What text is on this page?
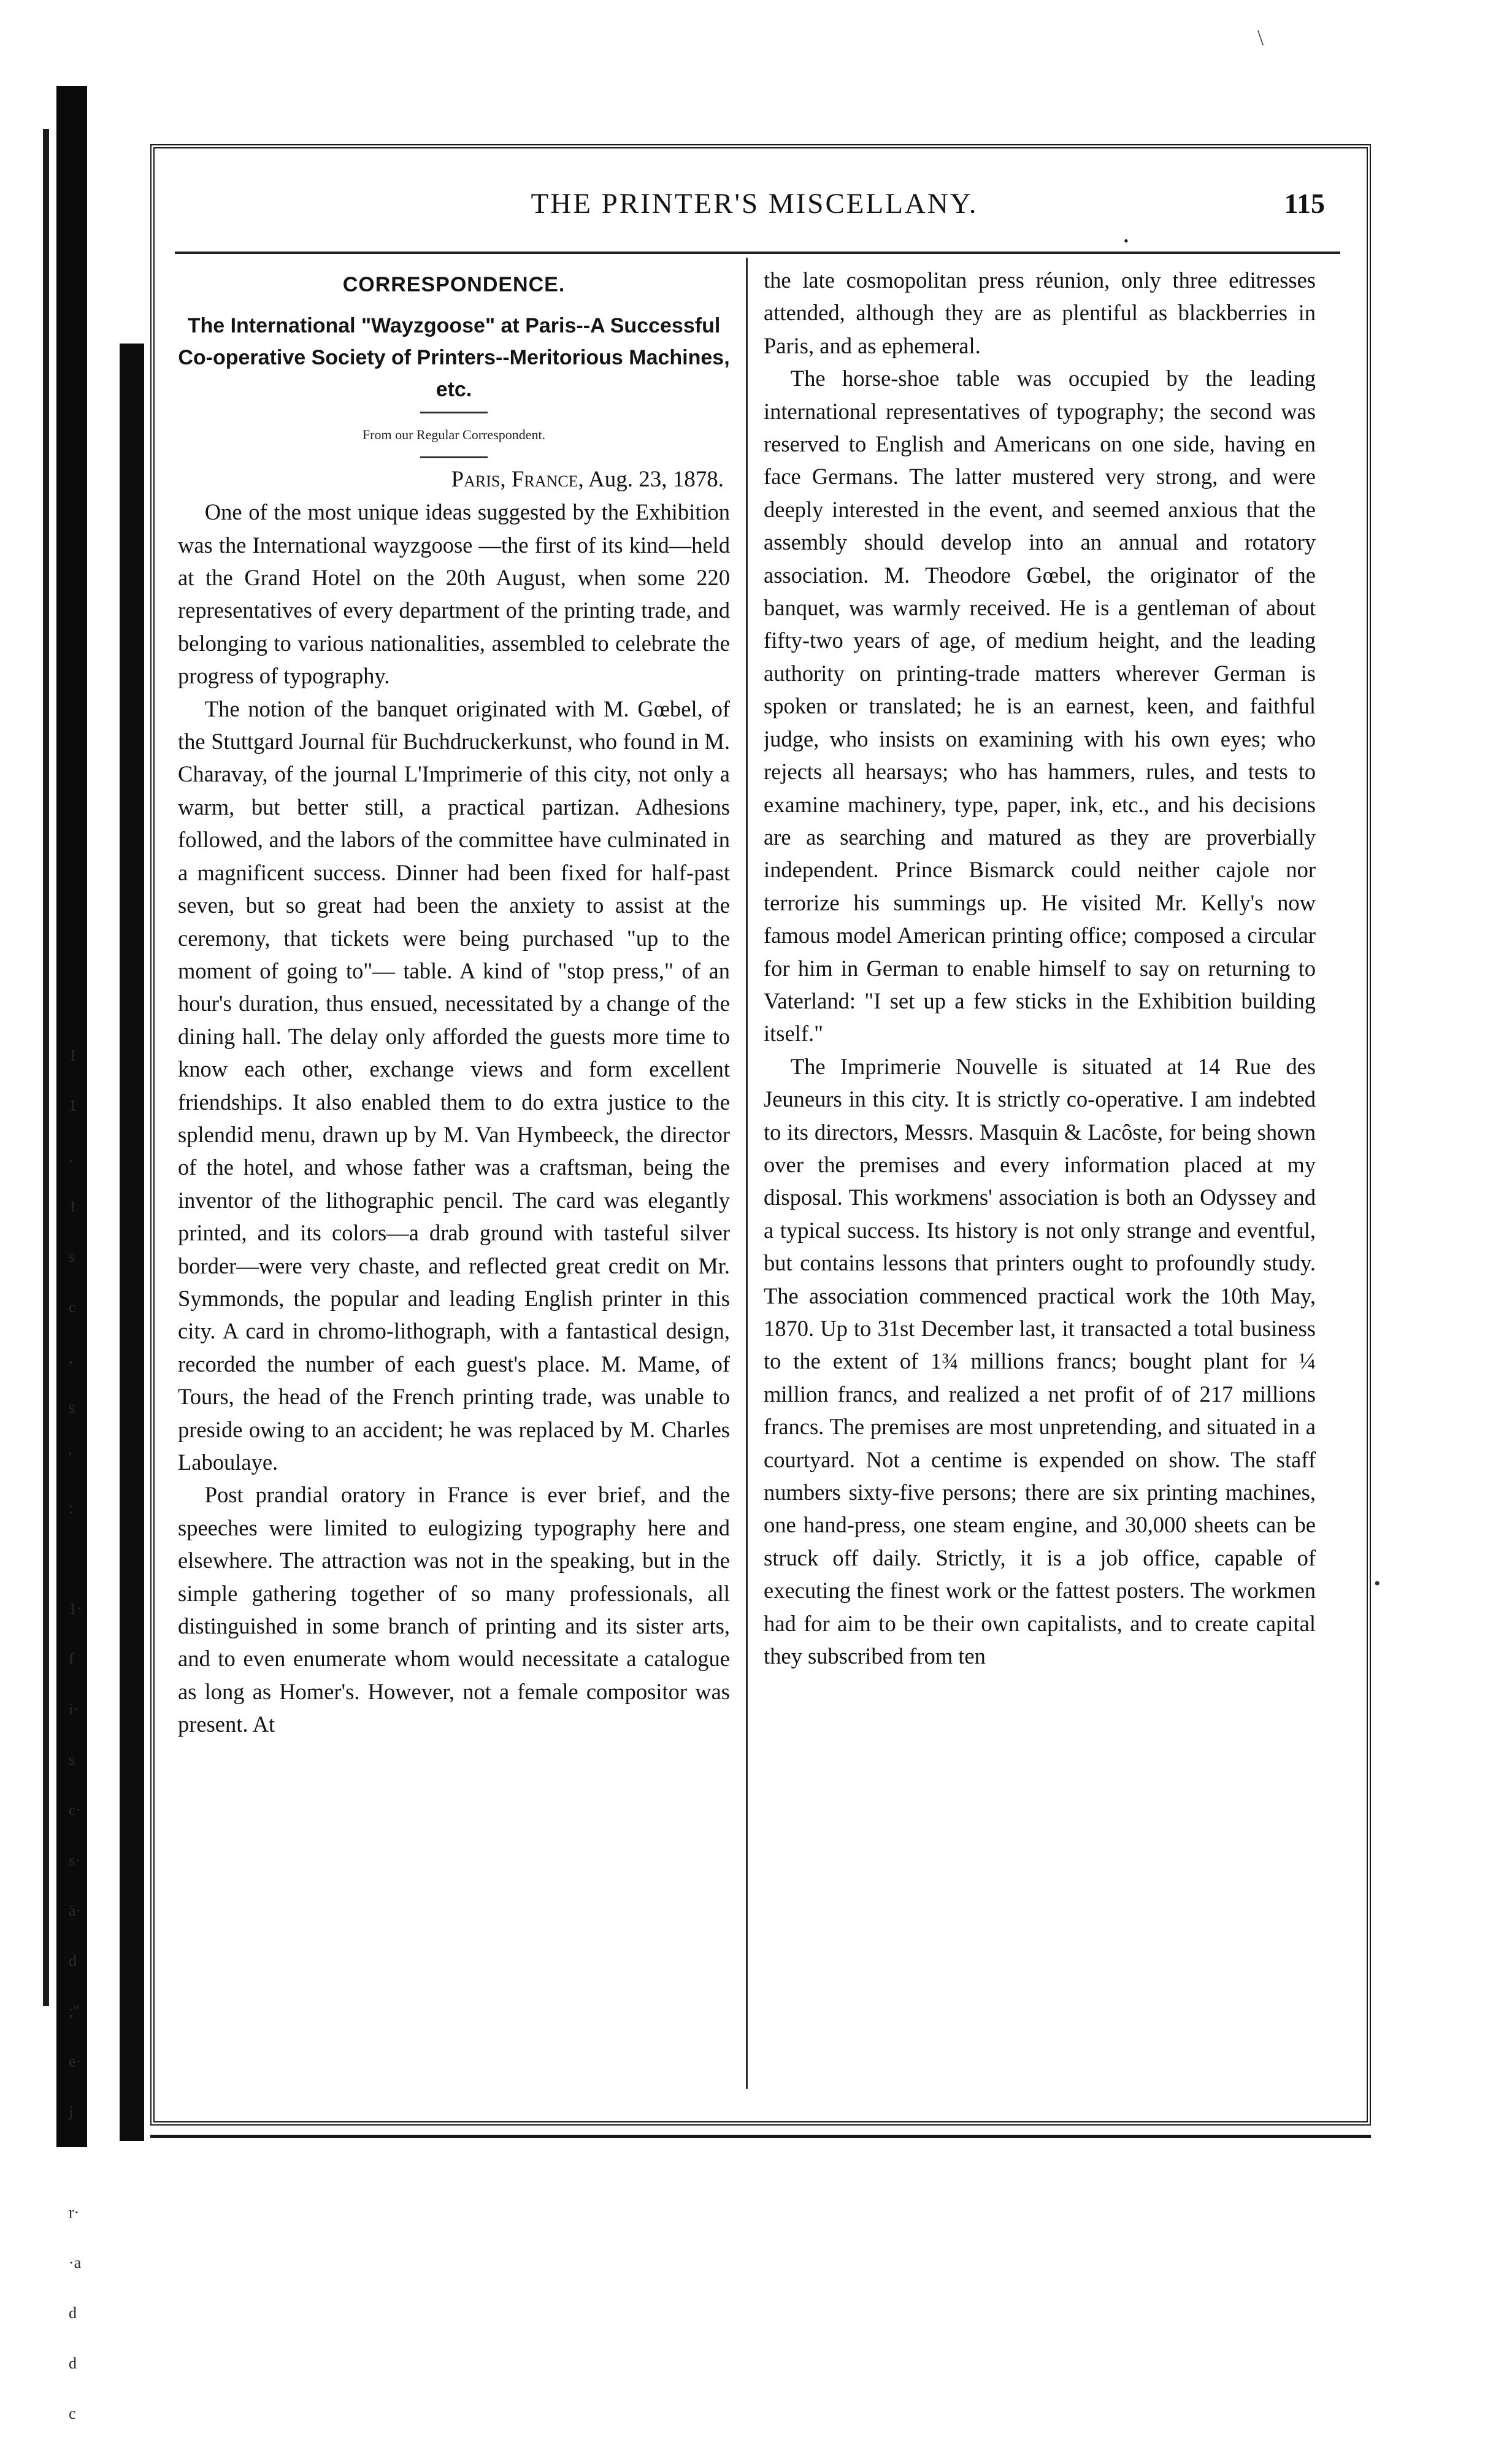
1
1
,
1
s
c
,
s
'
:

1·
f
i·
s
c·
s·
ä·
d
;"
e·
j

r·
·a
d
d
c
\
THE PRINTER'S MISCELLANY.	115
•
CORRESPONDENCE.
The International "Wayzgoose" at Paris--A Successful Co-operative Society of Printers--Meritorious Machines, etc.
From our Regular Correspondent.
Paris, France, Aug. 23, 1878.

One of the most unique ideas suggested by the Exhibition was the International wayzgoose —the first of its kind—held at the Grand Hotel on the 20th August, when some 220 representatives of every department of the printing trade, and belonging to various nationalities, assembled to celebrate the progress of typography.

The notion of the banquet originated with M. Gœbel, of the Stuttgard Journal für Buchdruckerkunst, who found in M. Charavay, of the journal L'Imprimerie of this city, not only a warm, but better still, a practical partizan. Adhesions followed, and the labors of the committee have culminated in a magnificent success. Dinner had been fixed for half-past seven, but so great had been the anxiety to assist at the ceremony, that tickets were being purchased "up to the moment of going to"— table. A kind of "stop press," of an hour's duration, thus ensued, necessitated by a change of the dining hall. The delay only afforded the guests more time to know each other, exchange views and form excellent friendships. It also enabled them to do extra justice to the splendid menu, drawn up by M. Van Hymbeeck, the director of the hotel, and whose father was a craftsman, being the inventor of the lithographic pencil. The card was elegantly printed, and its colors—a drab ground with tasteful silver border—were very chaste, and reflected great credit on Mr. Symmonds, the popular and leading English printer in this city. A card in chromo-lithograph, with a fantastical design, recorded the number of each guest's place. M. Mame, of Tours, the head of the French printing trade, was unable to preside owing to an accident; he was replaced by M. Charles Laboulaye.

Post prandial oratory in France is ever brief, and the speeches were limited to eulogizing typography here and elsewhere. The attraction was not in the speaking, but in the simple gathering together of so many professionals, all distinguished in some branch of printing and its sister arts, and to even enumerate whom would necessitate a catalogue as long as Homer's. However, not a female compositor was present. At

the late cosmopolitan press réunion, only three editresses attended, although they are as plentiful as blackberries in Paris, and as ephemeral.

The horse-shoe table was occupied by the leading international representatives of typography; the second was reserved to English and Americans on one side, having en face Germans. The latter mustered very strong, and were deeply interested in the event, and seemed anxious that the assembly should develop into an annual and rotatory association. M. Theodore Gœbel, the originator of the banquet, was warmly received. He is a gentleman of about fifty-two years of age, of medium height, and the leading authority on printing-trade matters wherever German is spoken or translated; he is an earnest, keen, and faithful judge, who insists on examining with his own eyes; who rejects all hearsays; who has hammers, rules, and tests to examine machinery, type, paper, ink, etc., and his decisions are as searching and matured as they are proverbially independent. Prince Bismarck could neither cajole nor terrorize his summings up. He visited Mr. Kelly's now famous model American printing office; composed a circular for him in German to enable himself to say on returning to Vaterland: "I set up a few sticks in the Exhibition building itself."

The Imprimerie Nouvelle is situated at 14 Rue des Jeuneurs in this city. It is strictly co-operative. I am indebted to its directors, Messrs. Masquin & Lacôste, for being shown over the premises and every information placed at my disposal. This workmens' association is both an Odyssey and a typical success. Its history is not only strange and eventful, but contains lessons that printers ought to profoundly study. The association commenced practical work the 10th May, 1870. Up to 31st December last, it transacted a total business to the extent of 1¾ millions francs; bought plant for ¼ million francs, and realized a net profit of of 217 millions francs. The premises are most unpretending, and situated in a courtyard. Not a centime is expended on show. The staff numbers sixty-five persons; there are six printing machines, one hand-press, one steam engine, and 30,000 sheets can be struck off daily. Strictly, it is a job office, capable of executing the finest work or the fattest posters. The workmen had for aim to be their own capitalists, and to create capital they subscribed from ten

•
